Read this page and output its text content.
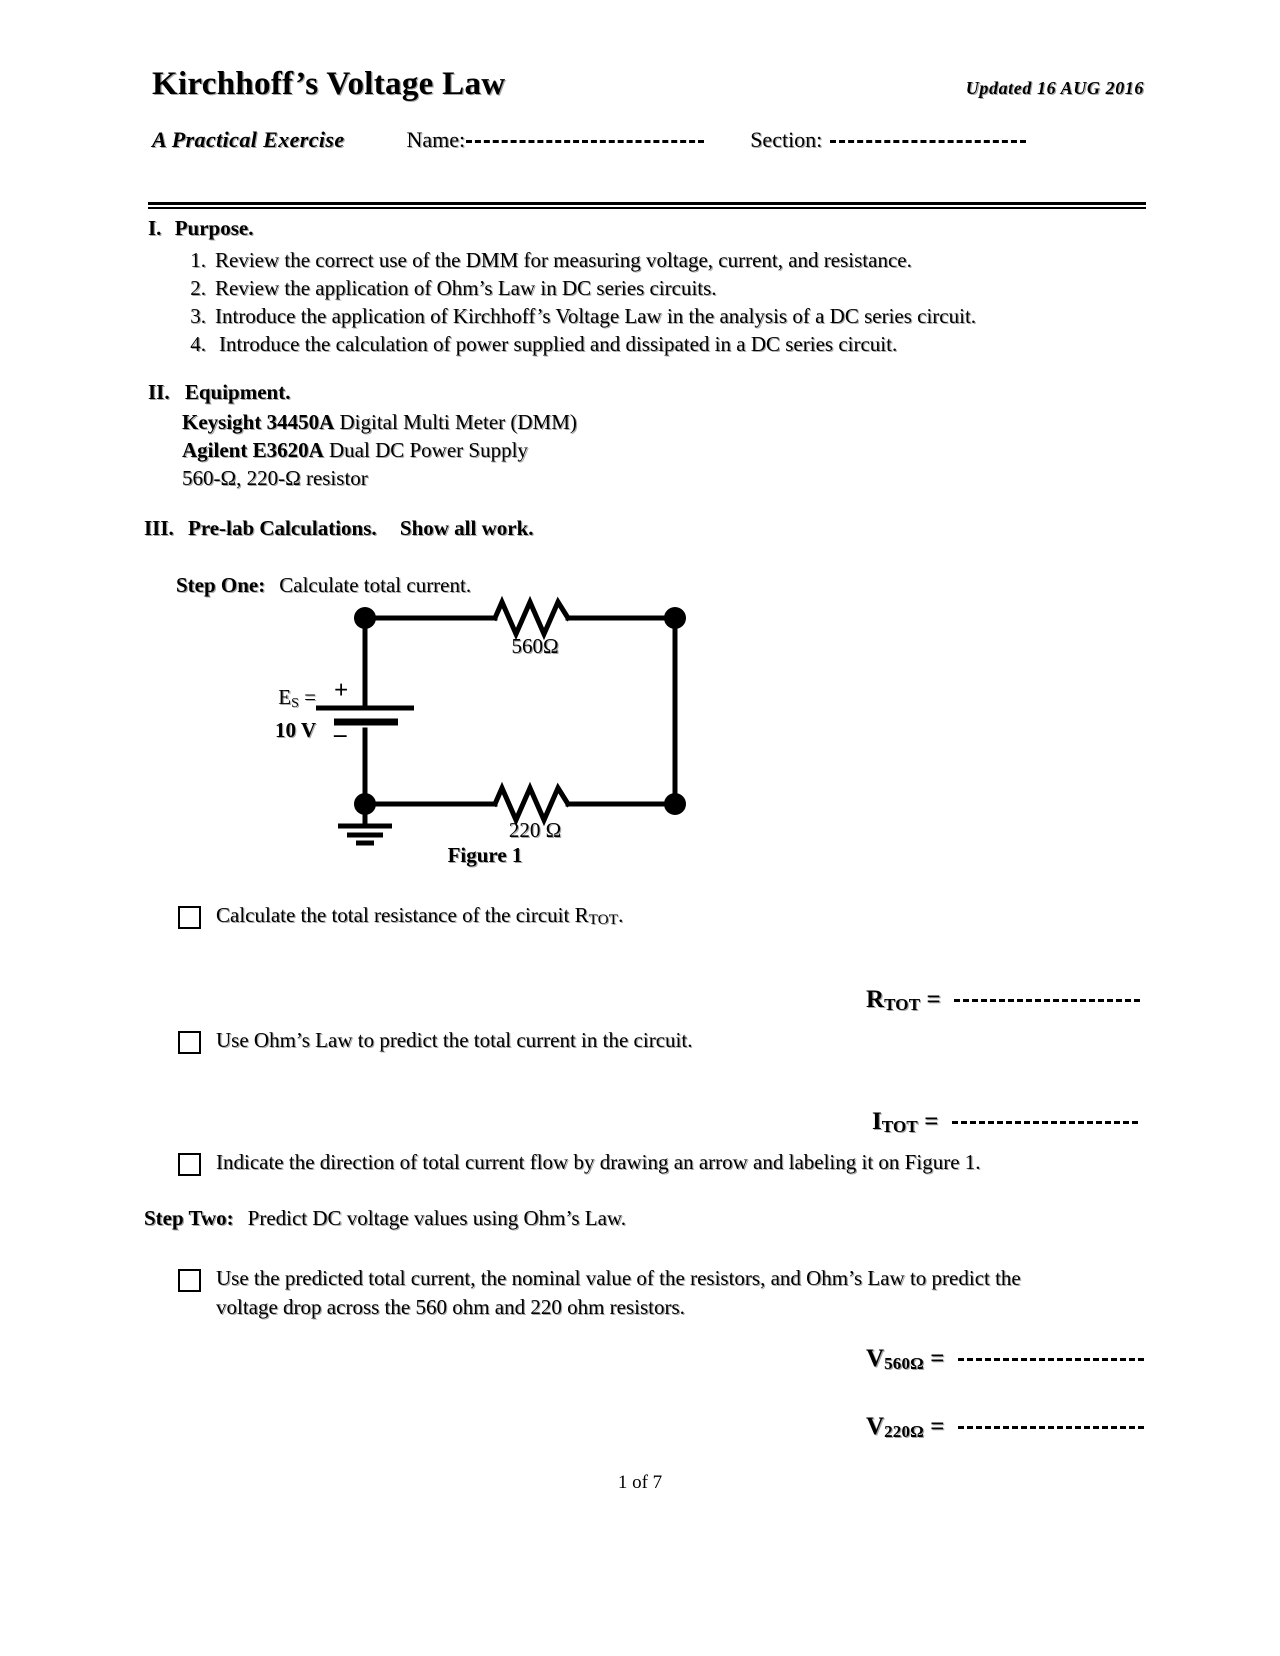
Kirchhoff’s Voltage Law	Updated 16 AUG 2016
A Practical Exercise	Name:	Section:
I. Purpose.
1. Review the correct use of the DMM for measuring voltage, current, and resistance.
2. Review the application of Ohm’s Law in DC series circuits.
3. Introduce the application of Kirchhoff’s Voltage Law in the analysis of a DC series circuit.
4. Introduce the calculation of power supplied and dissipated in a DC series circuit.
II. Equipment.
Keysight 34450A Digital Multi Meter (DMM)
Agilent E3620A Dual DC Power Supply
560-Ω, 220-Ω resistor
III. Pre-lab Calculations. Show all work.
Step One: Calculate total current.
+
–
ES =
10 V
560Ω
220 Ω
Figure 1
Calculate the total resistance of the circuit $R_{TOT}$.
RTOT =
Use Ohm’s Law to predict the total current in the circuit.
ITOT =
Indicate the direction of total current flow by drawing an arrow and labeling it on Figure 1.
Step Two: Predict DC voltage values using Ohm’s Law.
Use the predicted total current, the nominal value of the resistors, and Ohm’s Law to predict the
voltage drop across the 560 ohm and 220 ohm resistors.
V560Ω =
V220Ω =
1 of 7
